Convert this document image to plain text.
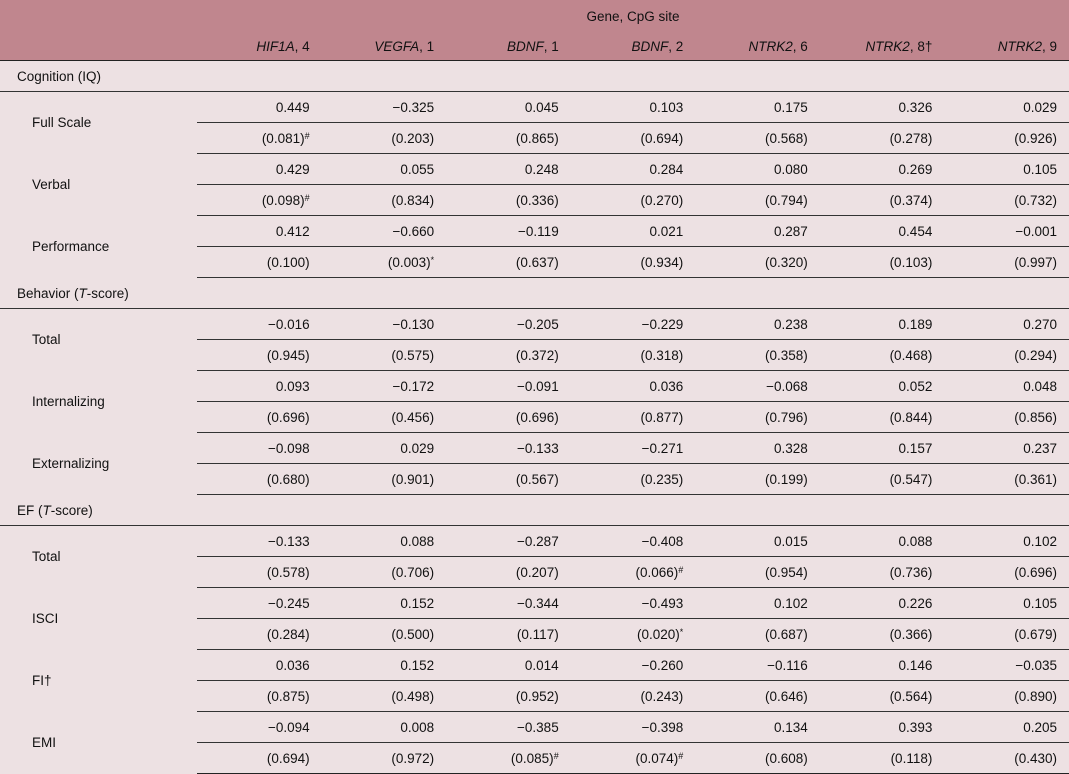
	Gene, CpG site						
	HIF1A, 4	VEGFA, 1	BDNF, 1	BDNF, 2	NTRK2, 6	NTRK2, 8†	NTRK2, 9
Cognition (IQ)							
Full Scale	0.449	−0.325	0.045	0.103	0.175	0.326	0.029
	(0.081)#	(0.203)	(0.865)	(0.694)	(0.568)	(0.278)	(0.926)
Verbal	0.429	0.055	0.248	0.284	0.080	0.269	0.105
	(0.098)#	(0.834)	(0.336)	(0.270)	(0.794)	(0.374)	(0.732)
Performance	0.412	−0.660	−0.119	0.021	0.287	0.454	−0.001
	(0.100)	(0.003)*	(0.637)	(0.934)	(0.320)	(0.103)	(0.997)
Behavior (T-score)							
Total	−0.016	−0.130	−0.205	−0.229	0.238	0.189	0.270
	(0.945)	(0.575)	(0.372)	(0.318)	(0.358)	(0.468)	(0.294)
Internalizing	0.093	−0.172	−0.091	0.036	−0.068	0.052	0.048
	(0.696)	(0.456)	(0.696)	(0.877)	(0.796)	(0.844)	(0.856)
Externalizing	−0.098	0.029	−0.133	−0.271	0.328	0.157	0.237
	(0.680)	(0.901)	(0.567)	(0.235)	(0.199)	(0.547)	(0.361)
EF (T-score)							
Total	−0.133	0.088	−0.287	−0.408	0.015	0.088	0.102
	(0.578)	(0.706)	(0.207)	(0.066)#	(0.954)	(0.736)	(0.696)
ISCI	−0.245	0.152	−0.344	−0.493	0.102	0.226	0.105
	(0.284)	(0.500)	(0.117)	(0.020)*	(0.687)	(0.366)	(0.679)
FI†	0.036	0.152	0.014	−0.260	−0.116	0.146	−0.035
	(0.875)	(0.498)	(0.952)	(0.243)	(0.646)	(0.564)	(0.890)
EMI	−0.094	0.008	−0.385	−0.398	0.134	0.393	0.205
	(0.694)	(0.972)	(0.085)#	(0.074)#	(0.608)	(0.118)	(0.430)
